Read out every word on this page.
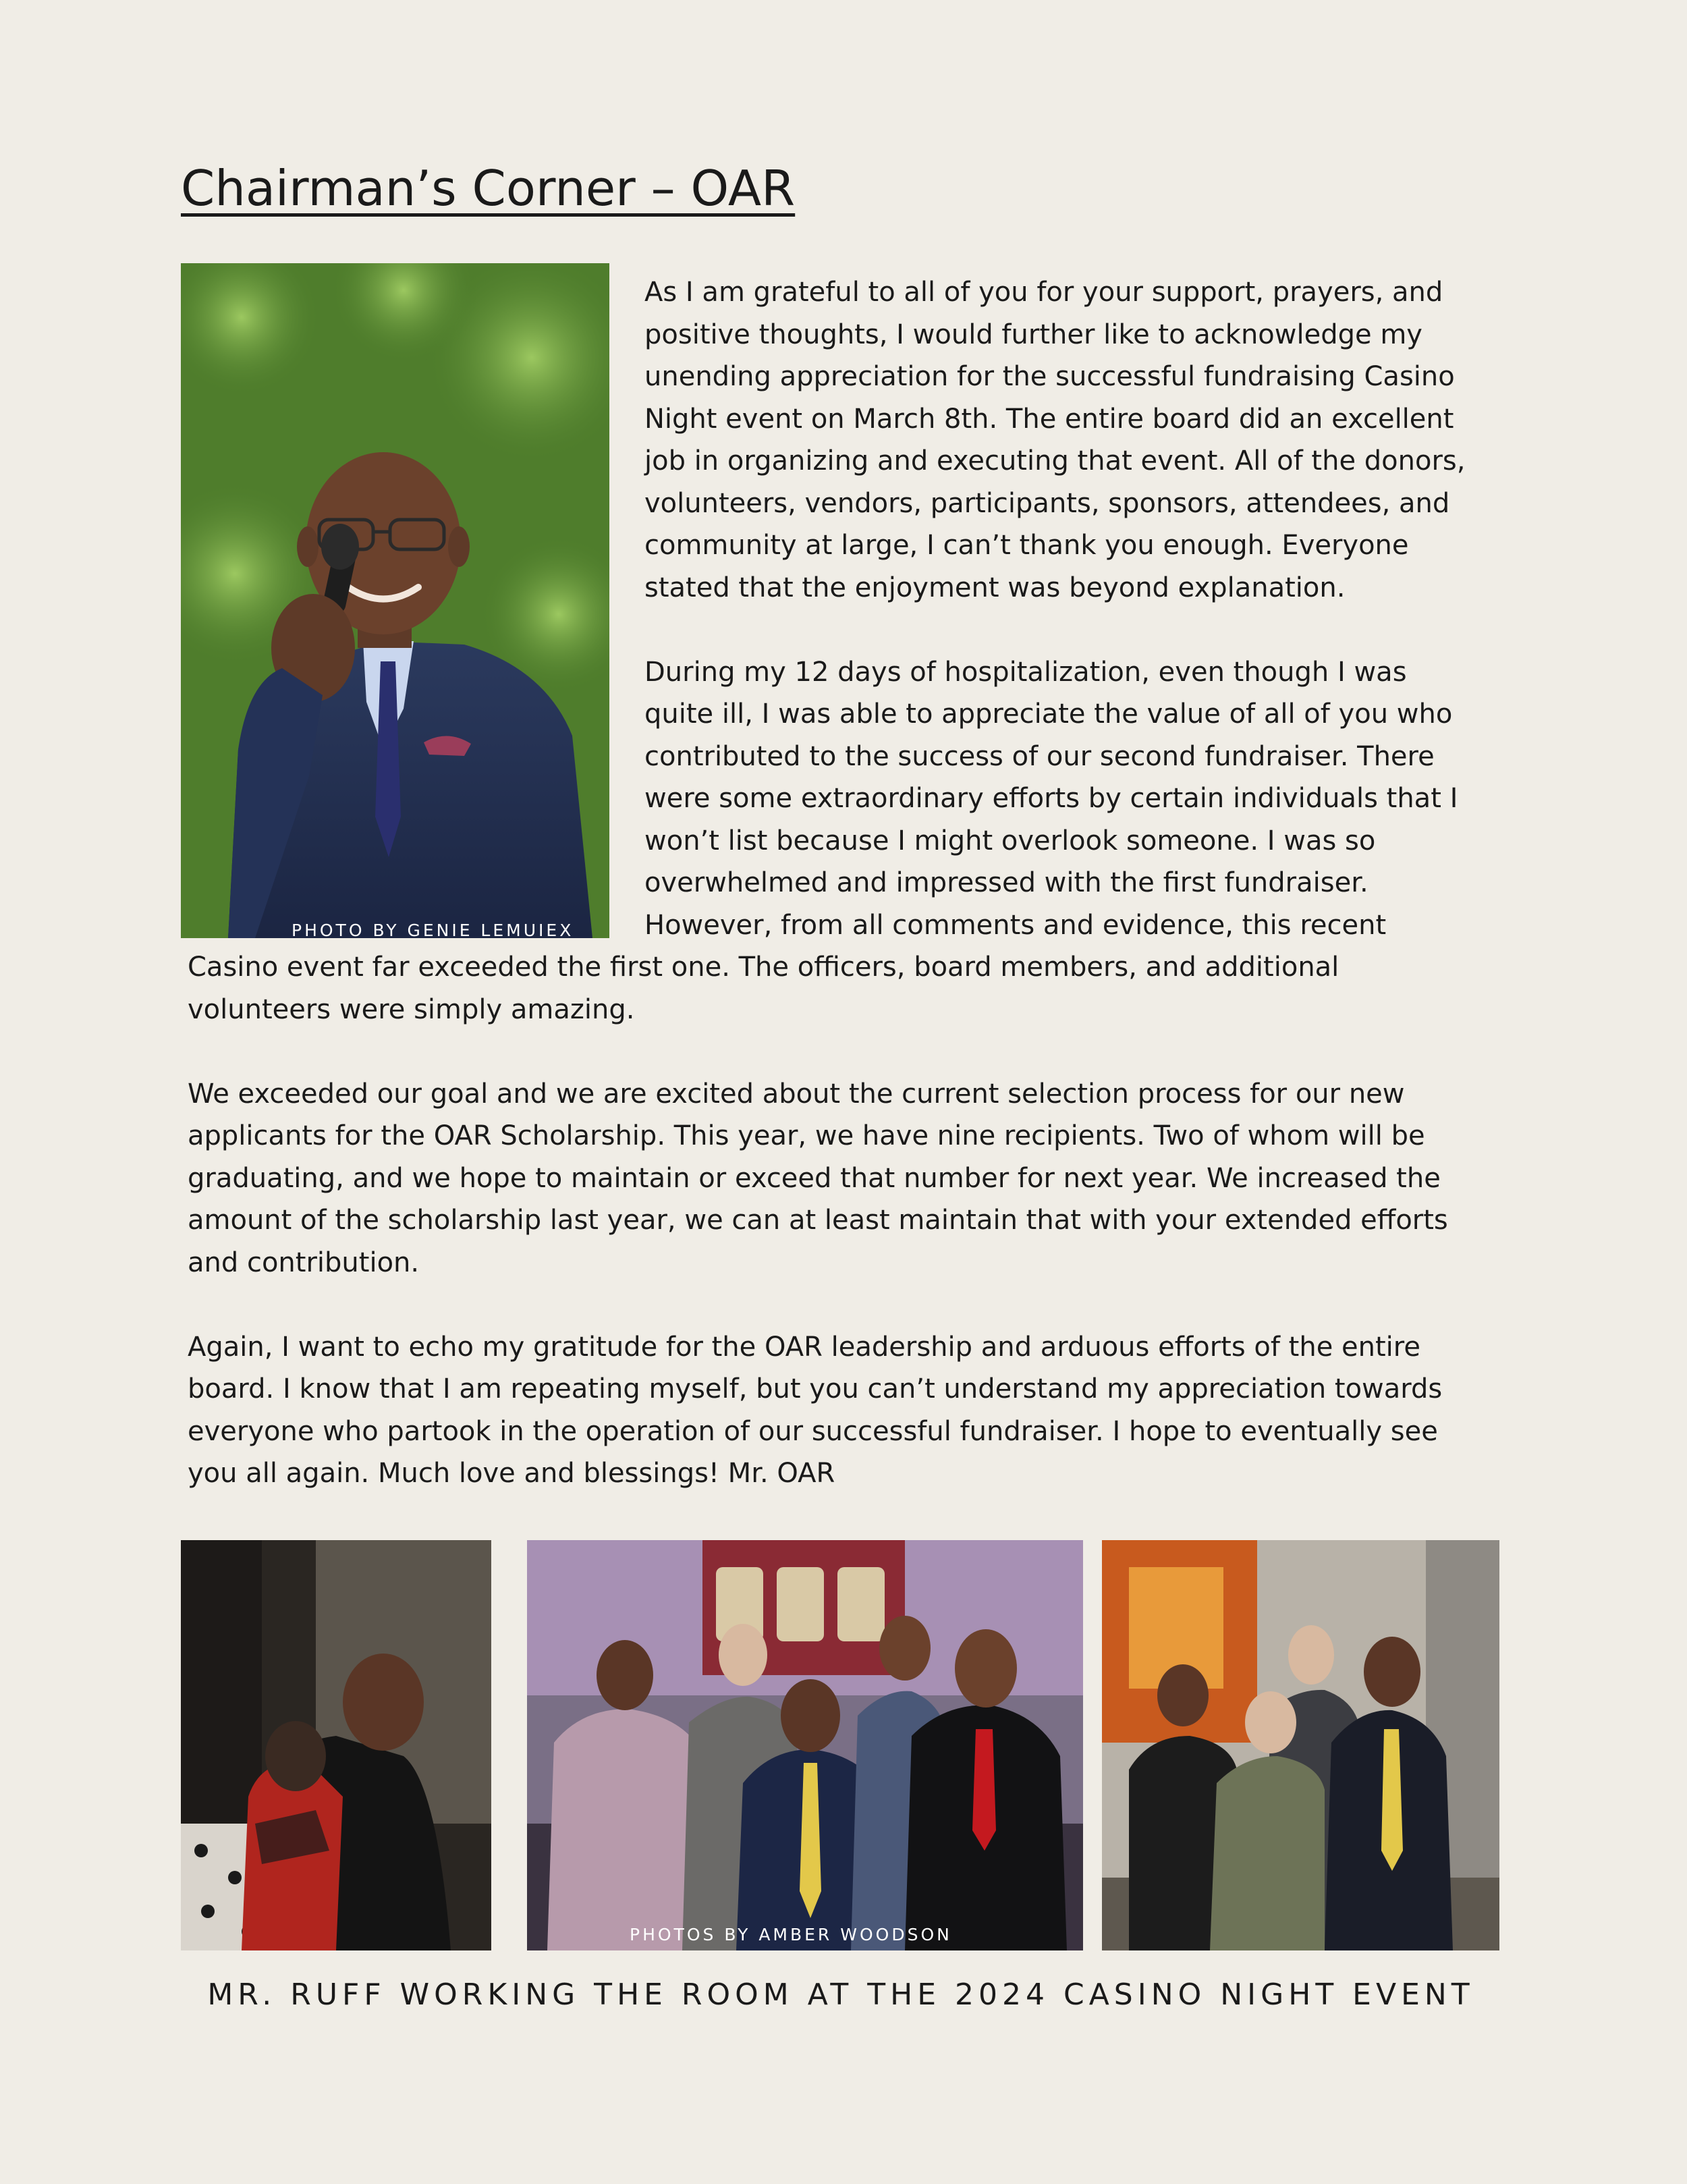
Chairman’s Corner – OAR
PHOTO BY GENIE LEMUIEX

As I am grateful to all of you for your support, prayers, and positive thoughts, I would further like to acknowledge my unending appreciation for the successful fundraising Casino Night event on March 8th. The entire board did an excellent job in organizing and executing that event. All of the donors, volunteers, vendors, participants, sponsors, attendees, and community at large, I can’t thank you enough. Everyone stated that the enjoyment was beyond explanation.

During my 12 days of hospitalization, even though I was quite ill, I was able to appreciate the value of all of you who contributed to the success of our second fundraiser. There were some extraordinary efforts by certain individuals that I won’t list because I might overlook someone. I was so overwhelmed and impressed with the first fundraiser. However, from all comments and evidence, this recent Casino event far exceeded the first one. The officers, board members, and additional volunteers were simply amazing.

We exceeded our goal and we are excited about the current selection process for our new applicants for the OAR Scholarship. This year, we have nine recipients. Two of whom will be graduating, and we hope to maintain or exceed that number for next year. We increased the amount of the scholarship last year, we can at least maintain that with your extended efforts and contribution.

Again, I want to echo my gratitude for the OAR leadership and arduous efforts of the entire board. I know that I am repeating myself, but you can’t understand my appreciation towards everyone who partook in the operation of our successful fundraiser. I hope to eventually see you all again. Much love and blessings! Mr. OAR

PHOTOS BY AMBER WOODSON

MR. RUFF WORKING THE ROOM AT THE 2024 CASINO NIGHT EVENT
